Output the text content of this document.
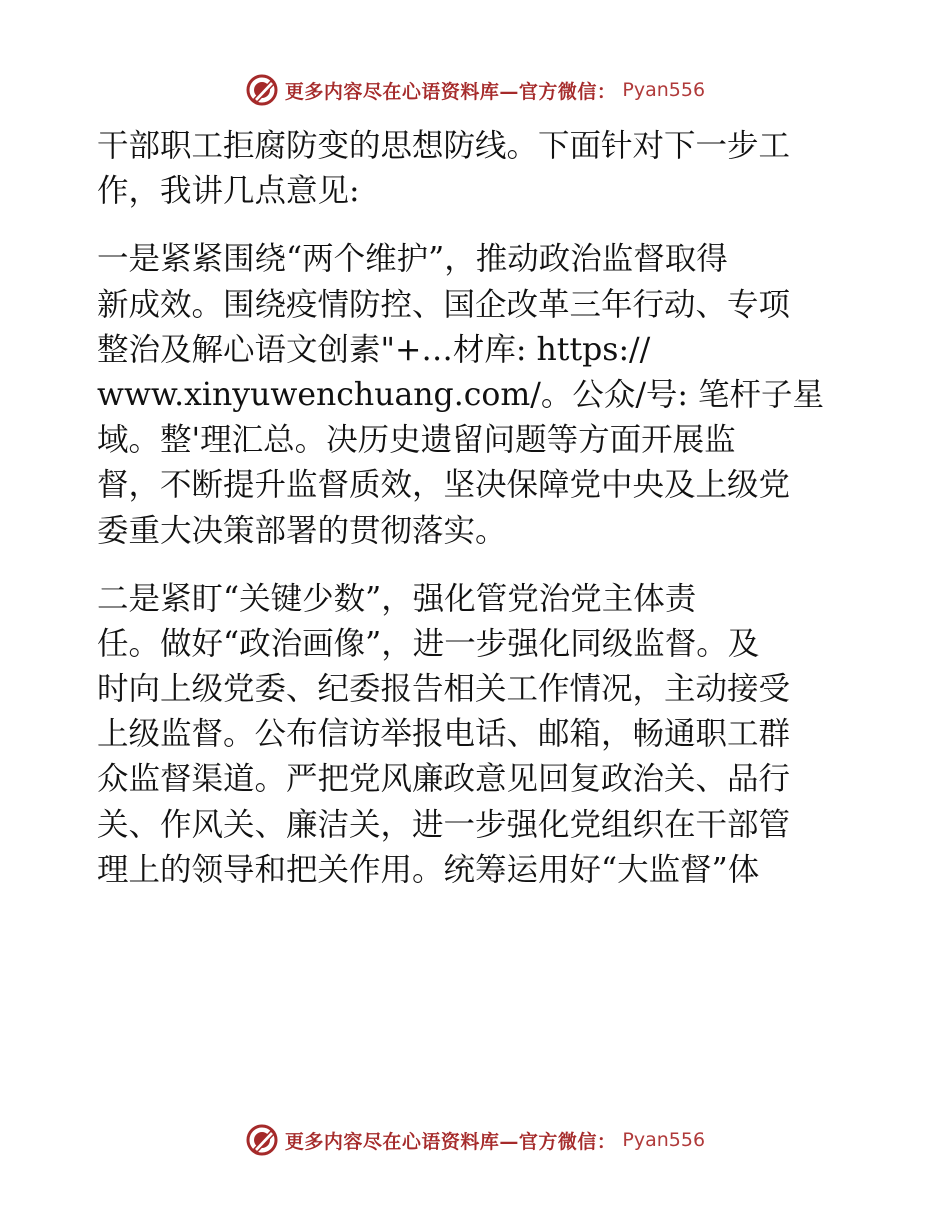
更多内容尽在心语资料库—官方微信： Pyan556
干部职工拒腐防变的思想防线。下面针对下一步工
作，我讲几点意见:
一是紧紧围绕“两个维护”，推动政治监督取得
新成效。围绕疫情防控、国企改革三年行动、专项
整治及解心语文创素"+…材库: https://
www.xinyuwenchuang.com/。公众/号: 笔杆子星
域。整'理汇总。决历史遗留问题等方面开展监
督，不断提升监督质效，坚决保障党中央及上级党
委重大决策部署的贯彻落实。
二是紧盯“关键少数”，强化管党治党主体责
任。做好“政治画像”，进一步强化同级监督。及
时向上级党委、纪委报告相关工作情况，主动接受
上级监督。公布信访举报电话、邮箱，畅通职工群
众监督渠道。严把党风廉政意见回复政治关、品行
关、作风关、廉洁关，进一步强化党组织在干部管
理上的领导和把关作用。统筹运用好“大监督”体
更多内容尽在心语资料库—官方微信： Pyan556
